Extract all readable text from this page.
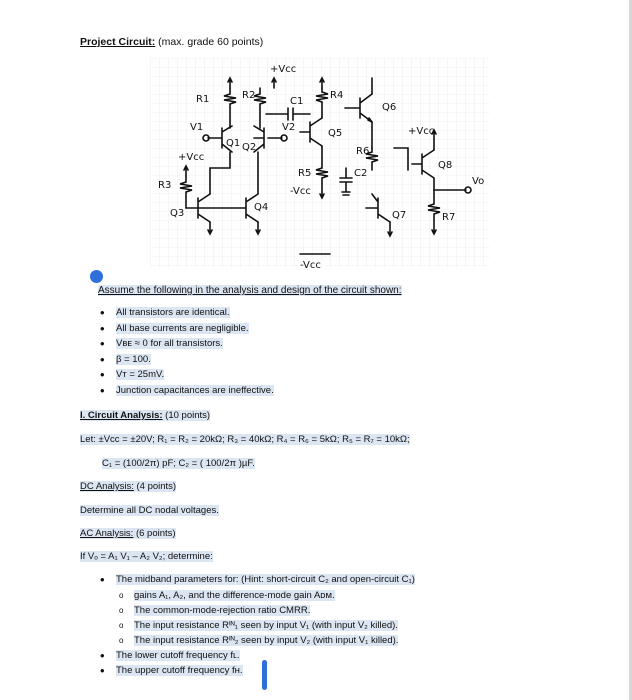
Project Circuit: (max. grade 60 points)
+Vcc
R1	R2
C1
R4
Q6
V1
Q1 Q2
V2
Q5	+Vcc
R6
+Vcc
R3
R5	C2
Q8
Vo
-Vcc
Q3
Q4
Q7	R7
-Vcc
Assume the following in the analysis and design of the circuit shown:
• All transistors are identical.
• All base currents are negligible.
• Vʙᴇ ≈ 0 for all transistors.
• β = 100.
• Vᴛ = 25mV.
• Junction capacitances are ineffective.
I. Circuit Analysis: (10 points)
Let: ±Vcc = ±20V; R₁ = R₂ = 20kΩ; R₃ = 40kΩ; R₄ = R₆ = 5kΩ; R₅ = R₇ = 10kΩ;
C₁ = (100/2π) pF; C₂ = ( 100/2π )µF.
DC Analysis: (4 points)
Determine all DC nodal voltages.
AC Analysis: (6 points)
If Vₒ = A₁ V₁ – A₂ V₂; determine:
• The midband parameters for: (Hint: short-circuit C₂ and open-circuit C₁)
o gains A₁, A₂, and the difference-mode gain Aᴅᴍ.
o The common-mode-rejection ratio CMRR.
o The input resistance Rᴵᴺ₁ seen by input V₁ (with input V₂ killed).
o The input resistance Rᴵᴺ₂ seen by input V₂ (with input V₁ killed).
• The lower cutoff frequency fʟ.
• The upper cutoff frequency fʜ.
